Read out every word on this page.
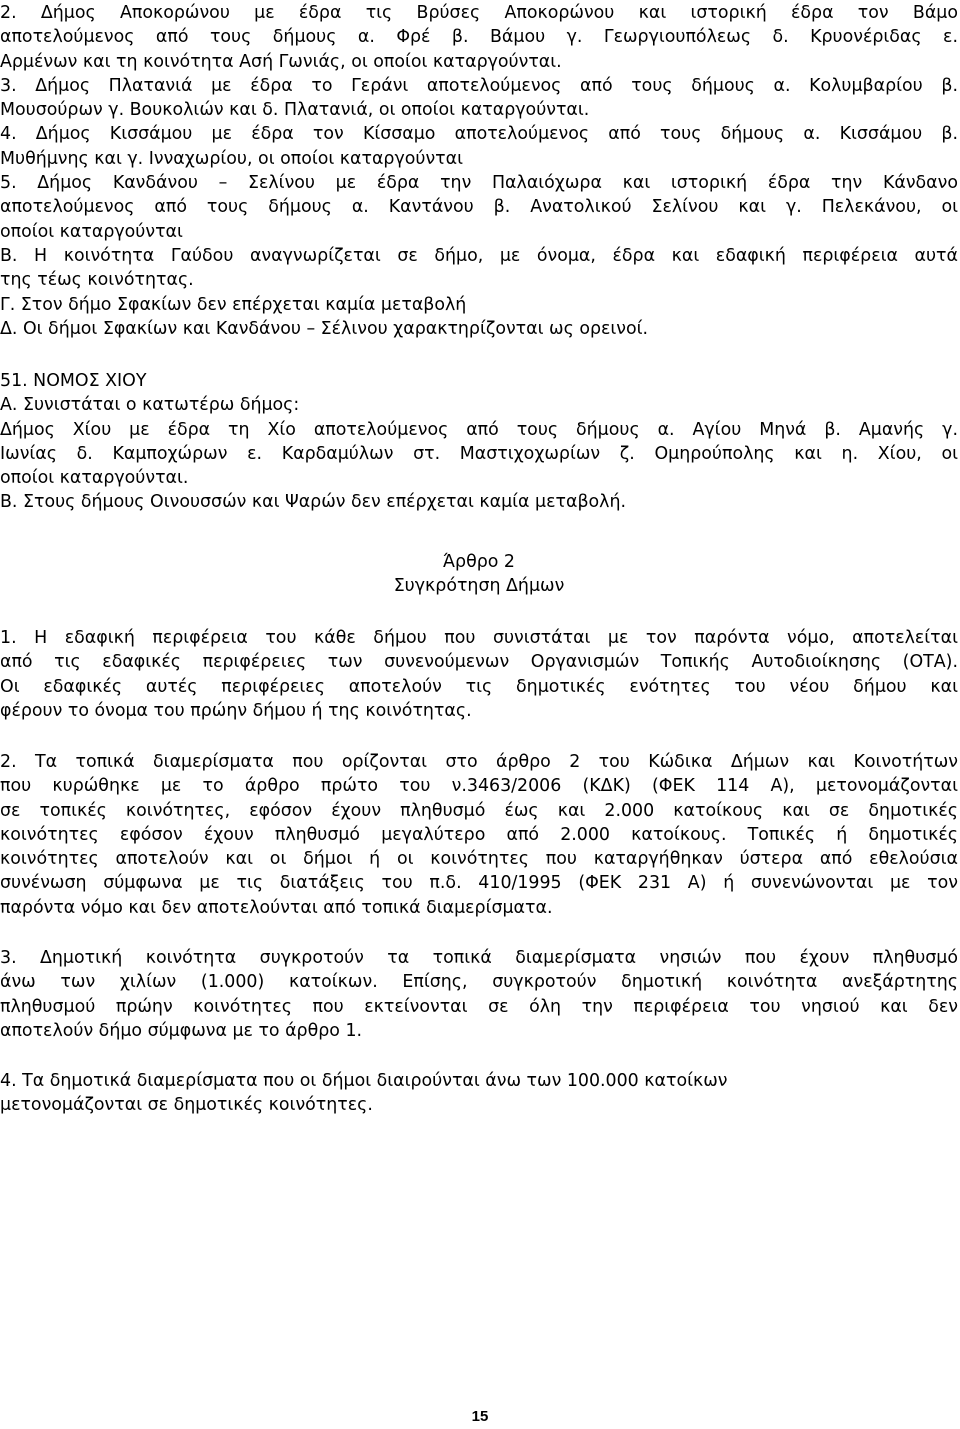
2. Δήμος Αποκορώνου με έδρα τις Βρύσες Αποκορώνου και ιστορική έδρα τον Βάμο
αποτελούμενος από τους δήμους α. Φρέ β. Βάμου γ. Γεωργιουπόλεως δ. Κρυονέριδας ε.
Αρμένων και τη κοινότητα Ασή Γωνιάς, οι οποίοι καταργούνται.
3. Δήμος Πλατανιά με έδρα το Γεράνι αποτελούμενος από τους δήμους α. Κολυμβαρίου β.
Μουσούρων γ. Βουκολιών και δ. Πλατανιά, οι οποίοι καταργούνται.
4. Δήμος Κισσάμου με έδρα τον Κίσσαμο αποτελούμενος από τους δήμους α. Κισσάμου β.
Μυθήμνης και γ. Ινναχωρίου, οι οποίοι καταργούνται
5. Δήμος Κανδάνου – Σελίνου με έδρα την Παλαιόχωρα και ιστορική έδρα την Κάνδανο
αποτελούμενος από τους δήμους α. Καντάνου β. Ανατολικού Σελίνου και γ. Πελεκάνου, οι
οποίοι καταργούνται
Β. Η κοινότητα Γαύδου αναγνωρίζεται σε δήμο, με όνομα, έδρα και εδαφική περιφέρεια αυτά
της τέως κοινότητας.
Γ. Στον δήμο Σφακίων δεν επέρχεται καμία μεταβολή
Δ. Οι δήμοι Σφακίων και Κανδάνου – Σέλινου χαρακτηρίζονται ως ορεινοί.
51. ΝΟΜΟΣ ΧΙΟΥ
Α. Συνιστάται ο κατωτέρω δήμος:
Δήμος Χίου με έδρα τη Χίο αποτελούμενος από τους δήμους α. Αγίου Μηνά β. Αμανής γ.
Ιωνίας δ. Καμποχώρων ε. Καρδαμύλων στ. Μαστιχοχωρίων ζ. Ομηρούπολης και η. Χίου, οι
οποίοι καταργούνται.
Β. Στους δήμους Οινουσσών και Ψαρών δεν επέρχεται καμία μεταβολή.
Άρθρο 2
Συγκρότηση Δήμων
1. Η εδαφική περιφέρεια του κάθε δήμου που συνιστάται με τον παρόντα νόμο, αποτελείται
από τις εδαφικές περιφέρειες των συνενούμενων Οργανισμών Τοπικής Αυτοδιοίκησης (ΟΤΑ).
Οι εδαφικές αυτές περιφέρειες αποτελούν τις δημοτικές ενότητες του νέου δήμου και
φέρουν το όνομα του πρώην δήμου ή της κοινότητας.
2. Τα τοπικά διαμερίσματα που ορίζονται στο άρθρο 2 του Κώδικα Δήμων και Κοινοτήτων
που κυρώθηκε με το άρθρο πρώτο του ν.3463/2006 (ΚΔΚ) (ΦΕΚ 114 Α), μετονομάζονται
σε τοπικές κοινότητες, εφόσον έχουν πληθυσμό έως και 2.000 κατοίκους και σε δημοτικές
κοινότητες εφόσον έχουν πληθυσμό μεγαλύτερο από 2.000 κατοίκους. Τοπικές ή δημοτικές
κοινότητες αποτελούν και οι δήμοι ή οι κοινότητες που καταργήθηκαν ύστερα από εθελούσια
συνένωση σύμφωνα με τις διατάξεις του π.δ. 410/1995 (ΦΕΚ 231 Α) ή συνενώνονται με τον
παρόντα νόμο και δεν αποτελούνται από τοπικά διαμερίσματα.
3. Δημοτική κοινότητα συγκροτούν τα τοπικά διαμερίσματα νησιών που έχουν πληθυσμό
άνω των χιλίων (1.000) κατοίκων. Επίσης, συγκροτούν δημοτική κοινότητα ανεξάρτητης
πληθυσμού πρώην κοινότητες που εκτείνονται σε όλη την περιφέρεια του νησιού και δεν
αποτελούν δήμο σύμφωνα με το άρθρο 1.
4. Τα δημοτικά διαμερίσματα που οι δήμοι διαιρούνται άνω των 100.000 κατοίκων
μετονομάζονται σε δημοτικές κοινότητες.
15
